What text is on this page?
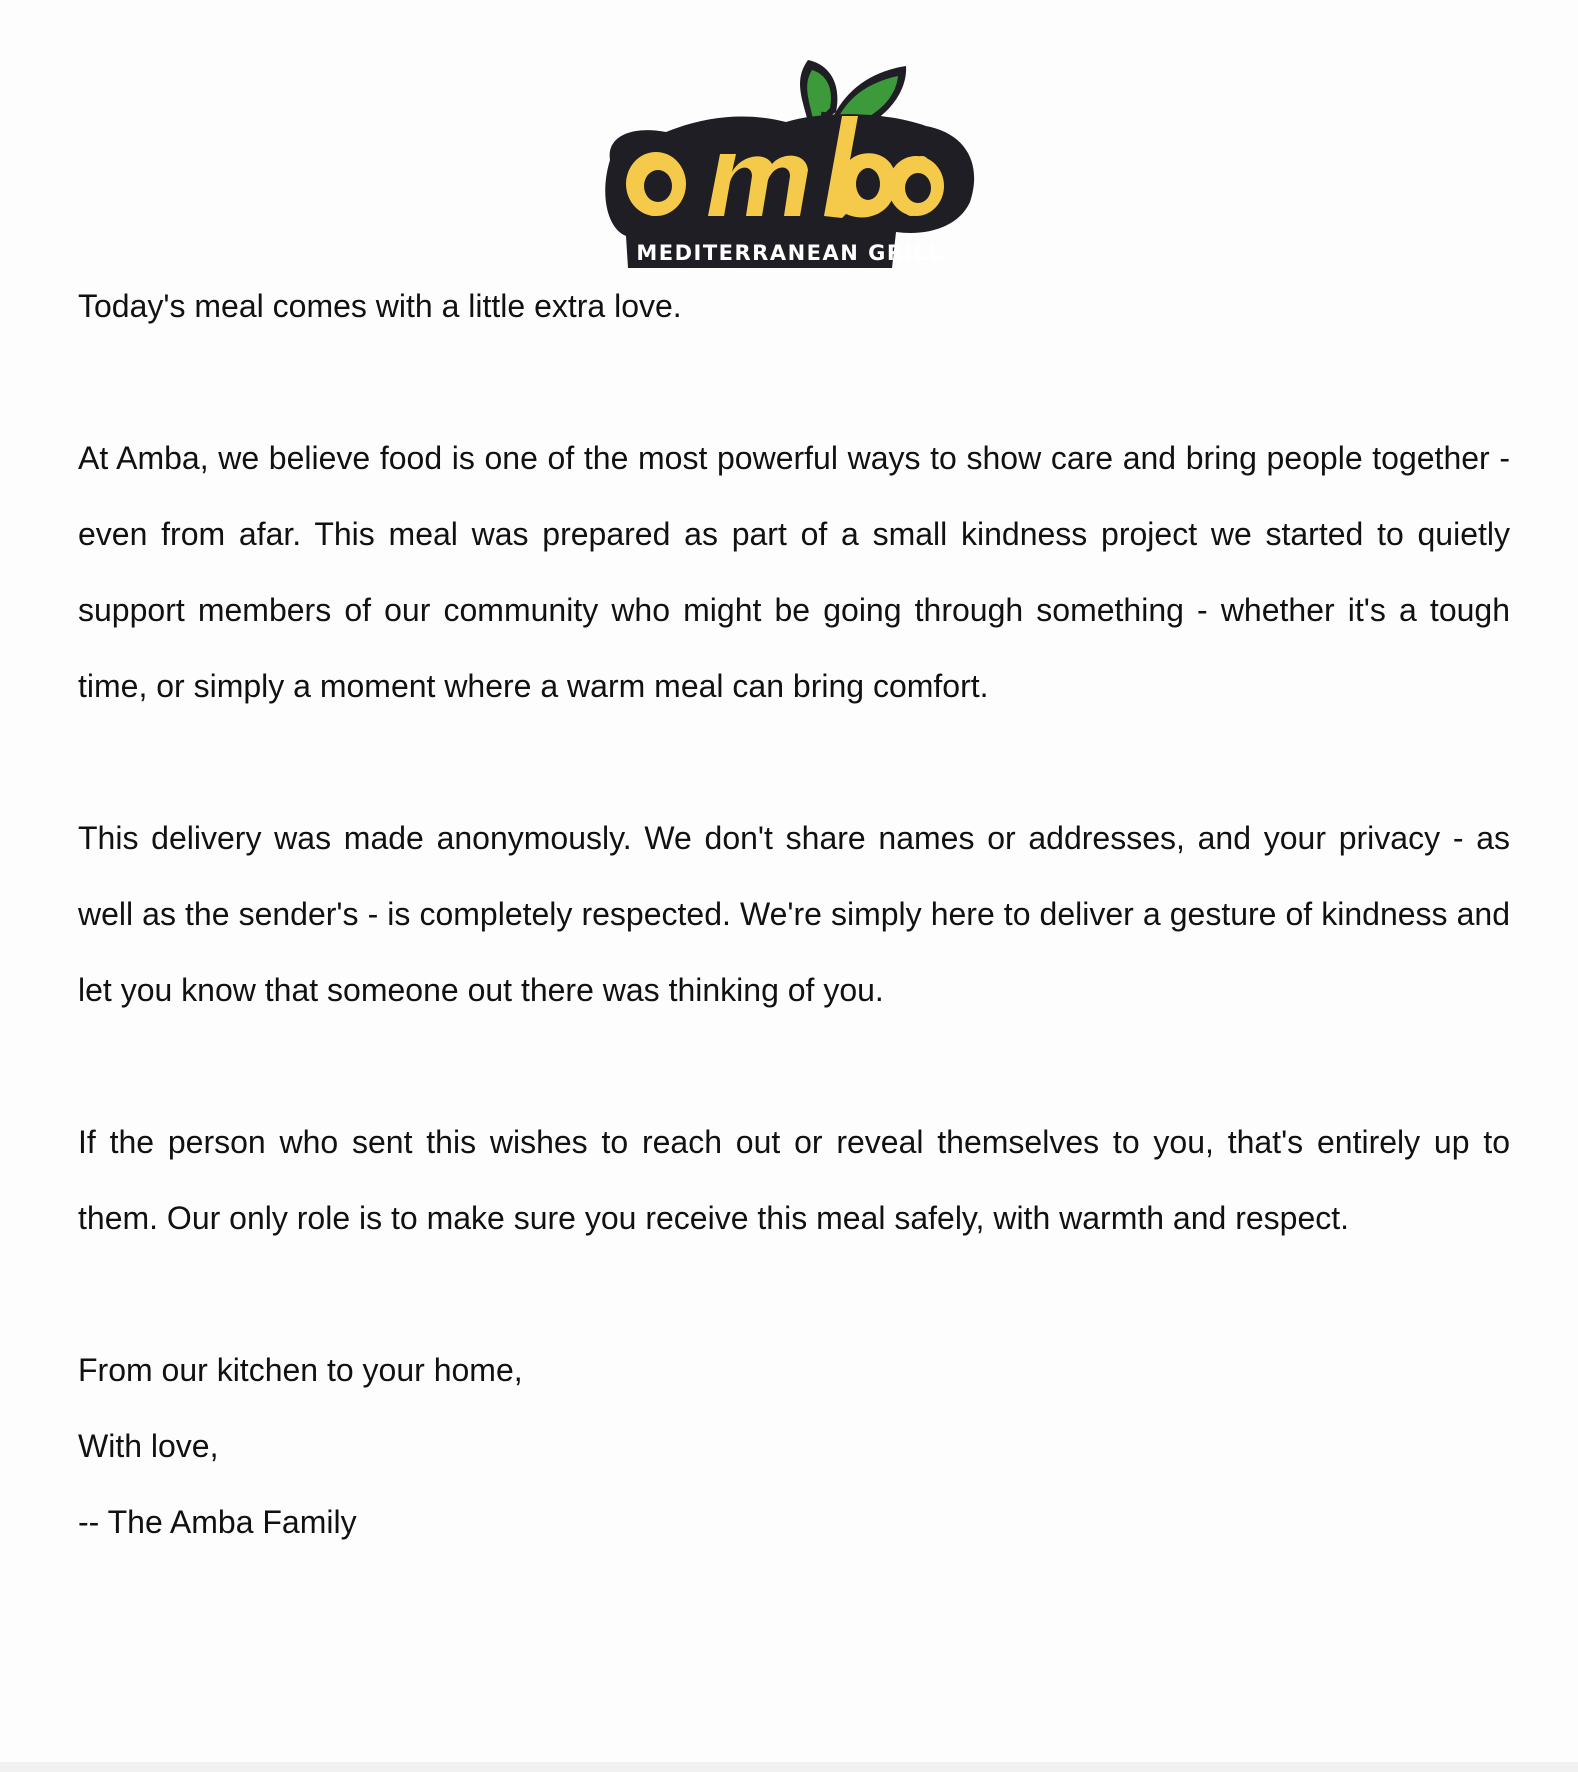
MEDITERRANEAN GRILL

Today's meal comes with a little extra love.

At Amba, we believe food is one of the most powerful ways to show care and bring people together - even from afar. This meal was prepared as part of a small kindness project we started to quietly support members of our community who might be going through something - whether it's a tough time, or simply a moment where a warm meal can bring comfort.

This delivery was made anonymously. We don't share names or addresses, and your privacy - as well as the sender's - is completely respected. We're simply here to deliver a gesture of kindness and let you know that someone out there was thinking of you.

If the person who sent this wishes to reach out or reveal themselves to you, that's entirely up to them. Our only role is to make sure you receive this meal safely, with warmth and respect.

From our kitchen to your home,

With love,

-- The Amba Family
